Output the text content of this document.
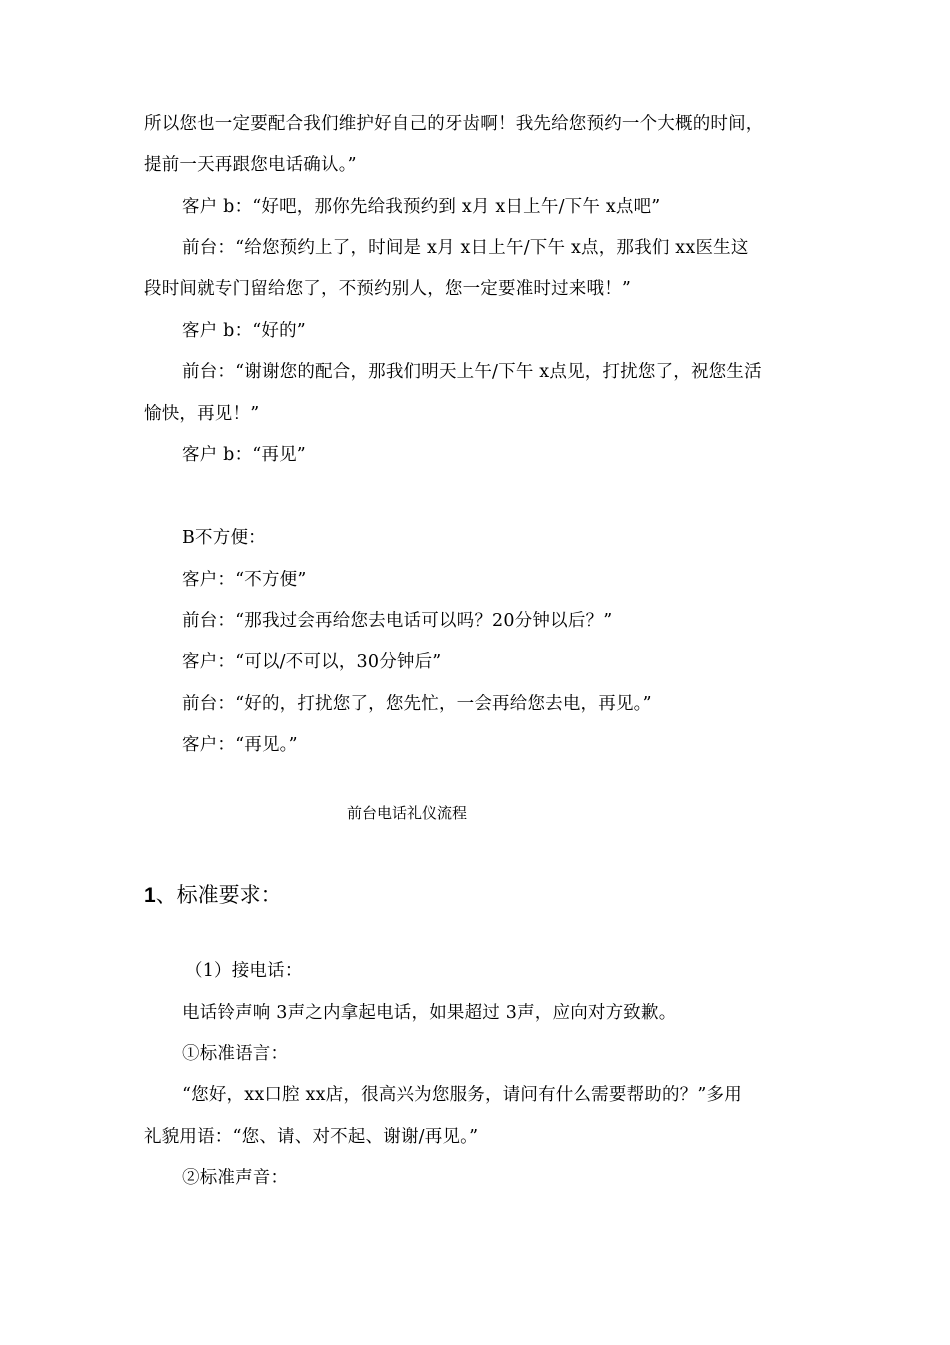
所以您也一定要配合我们维护好自己的牙齿啊！我先给您预约一个大概的时间，
提前一天再跟您电话确认。”
客户 b：“好吧，那你先给我预约到 x月 x日上午/下午 x点吧”
前台：“给您预约上了，时间是 x月 x日上午/下午 x点，那我们 xx医生这
段时间就专门留给您了，不预约别人，您一定要准时过来哦！”
客户 b：“好的”
前台：“谢谢您的配合，那我们明天上午/下午 x点见，打扰您了，祝您生活
愉快，再见！”
客户 b：“再见”
B不方便：
客户：“不方便”
前台：“那我过会再给您去电话可以吗？20分钟以后？”
客户：“可以/不可以，30分钟后”
前台：“好的，打扰您了，您先忙，一会再给您去电，再见。”
客户：“再见。”
前台电话礼仪流程
1、标准要求：
（1）接电话：
电话铃声响 3声之内拿起电话，如果超过 3声，应向对方致歉。
①标准语言：
“您好，xx口腔 xx店，很高兴为您服务，请问有什么需要帮助的？”多用
礼貌用语：“您、请、对不起、谢谢/再见。”
②标准声音：
